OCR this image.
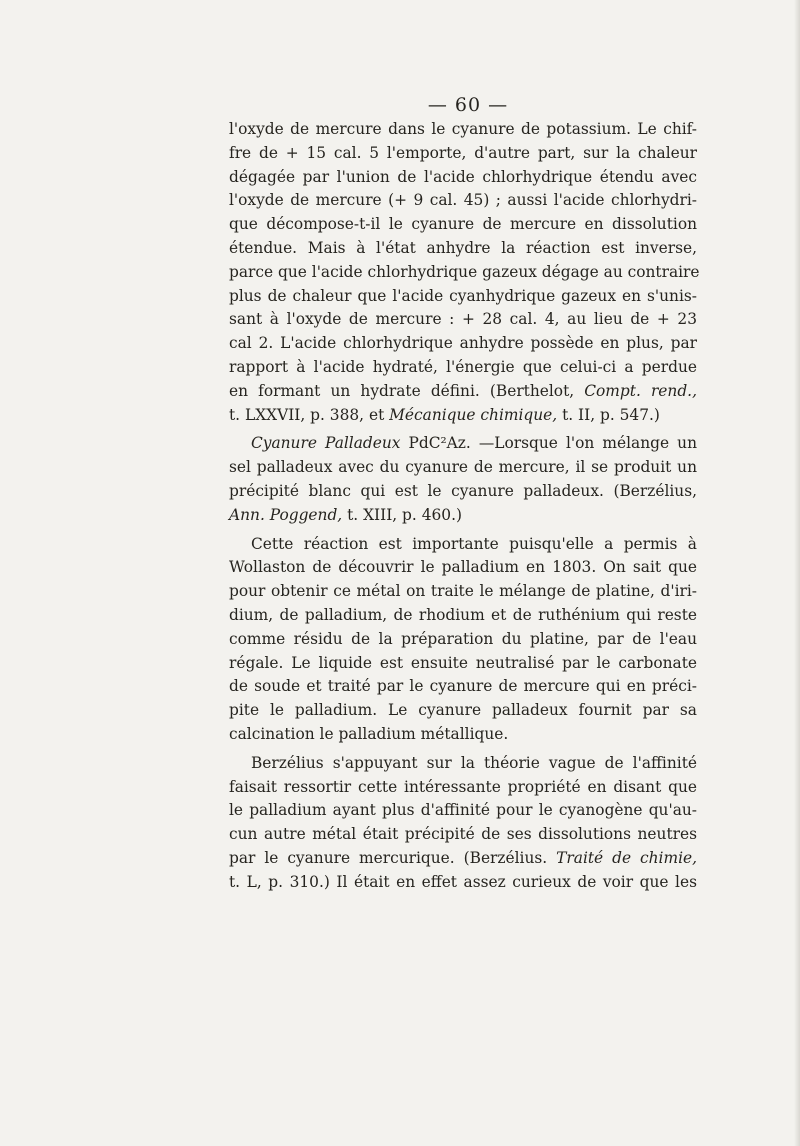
— 60 —
l'oxyde de mercure dans le cyanure de potassium. Le chif-
fre de + 15 cal. 5 l'emporte, d'autre part, sur la chaleur
dégagée par l'union de l'acide chlorhydrique étendu avec
l'oxyde de mercure (+ 9 cal. 45) ; aussi l'acide chlorhydri-
que décompose-t-il le cyanure de mercure en dissolution
étendue. Mais à l'état anhydre la réaction est inverse,
parce que l'acide chlorhydrique gazeux dégage au contraire
plus de chaleur que l'acide cyanhydrique gazeux en s'unis-
sant à l'oxyde de mercure : + 28 cal. 4, au lieu de + 23
cal 2. L'acide chlorhydrique anhydre possède en plus, par
rapport à l'acide hydraté, l'énergie que celui-ci a perdue
en formant un hydrate défini. (Berthelot, Compt. rend.,
t. LXXVII, p. 388, et Mécanique chimique, t. II, p. 547.)
Cyanure Palladeux PdC²Az. —Lorsque l'on mélange un
sel palladeux avec du cyanure de mercure, il se produit un
précipité blanc qui est le cyanure palladeux. (Berzélius,
Ann. Poggend, t. XIII, p. 460.)
Cette réaction est importante puisqu'elle a permis à
Wollaston de découvrir le palladium en 1803. On sait que
pour obtenir ce métal on traite le mélange de platine, d'iri-
dium, de palladium, de rhodium et de ruthénium qui reste
comme résidu de la préparation du platine, par de l'eau
régale. Le liquide est ensuite neutralisé par le carbonate
de soude et traité par le cyanure de mercure qui en préci-
pite le palladium. Le cyanure palladeux fournit par sa
calcination le palladium métallique.
Berzélius s'appuyant sur la théorie vague de l'affinité
faisait ressortir cette intéressante propriété en disant que
le palladium ayant plus d'affinité pour le cyanogène qu'au-
cun autre métal était précipité de ses dissolutions neutres
par le cyanure mercurique. (Berzélius. Traité de chimie,
t. L, p. 310.) Il était en effet assez curieux de voir que les
